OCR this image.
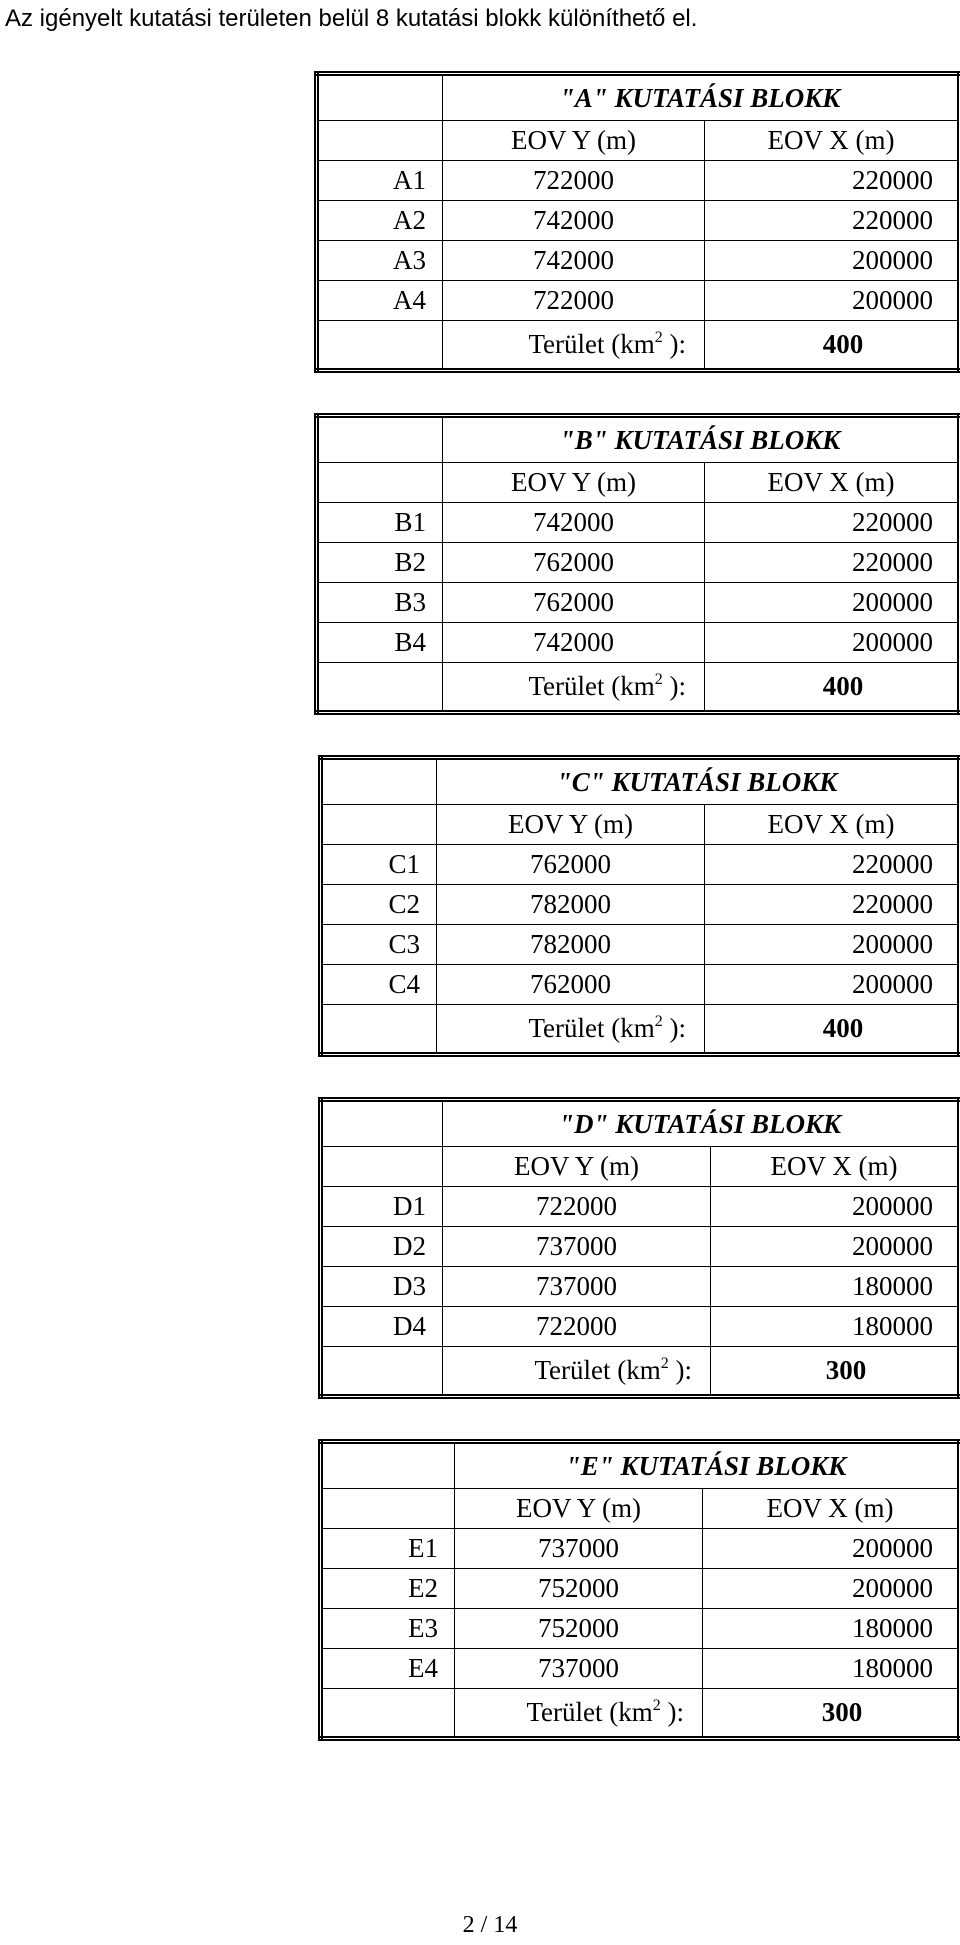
Az igényelt kutatási területen belül 8 kutatási blokk különíthető el.
	"A" KUTATÁSI BLOKK	
	EOV Y (m)	EOV X (m)
A1	722000	220000
A2	742000	220000
A3	742000	200000
A4	722000	200000
	Terület ($km^2$ ):	400
	"B" KUTATÁSI BLOKK	
	EOV Y (m)	EOV X (m)
B1	742000	220000
B2	762000	220000
B3	762000	200000
B4	742000	200000
	Terület ($km^2$ ):	400
	"C" KUTATÁSI BLOKK	
	EOV Y (m)	EOV X (m)
C1	762000	220000
C2	782000	220000
C3	782000	200000
C4	762000	200000
	Terület ($km^2$ ):	400
	"D" KUTATÁSI BLOKK	
	EOV Y (m)	EOV X (m)
D1	722000	200000
D2	737000	200000
D3	737000	180000
D4	722000	180000
	Terület ($km^2$ ):	300
	"E" KUTATÁSI BLOKK	
	EOV Y (m)	EOV X (m)
E1	737000	200000
E2	752000	200000
E3	752000	180000
E4	737000	180000
	Terület ($km^2$ ):	300
2 / 14
